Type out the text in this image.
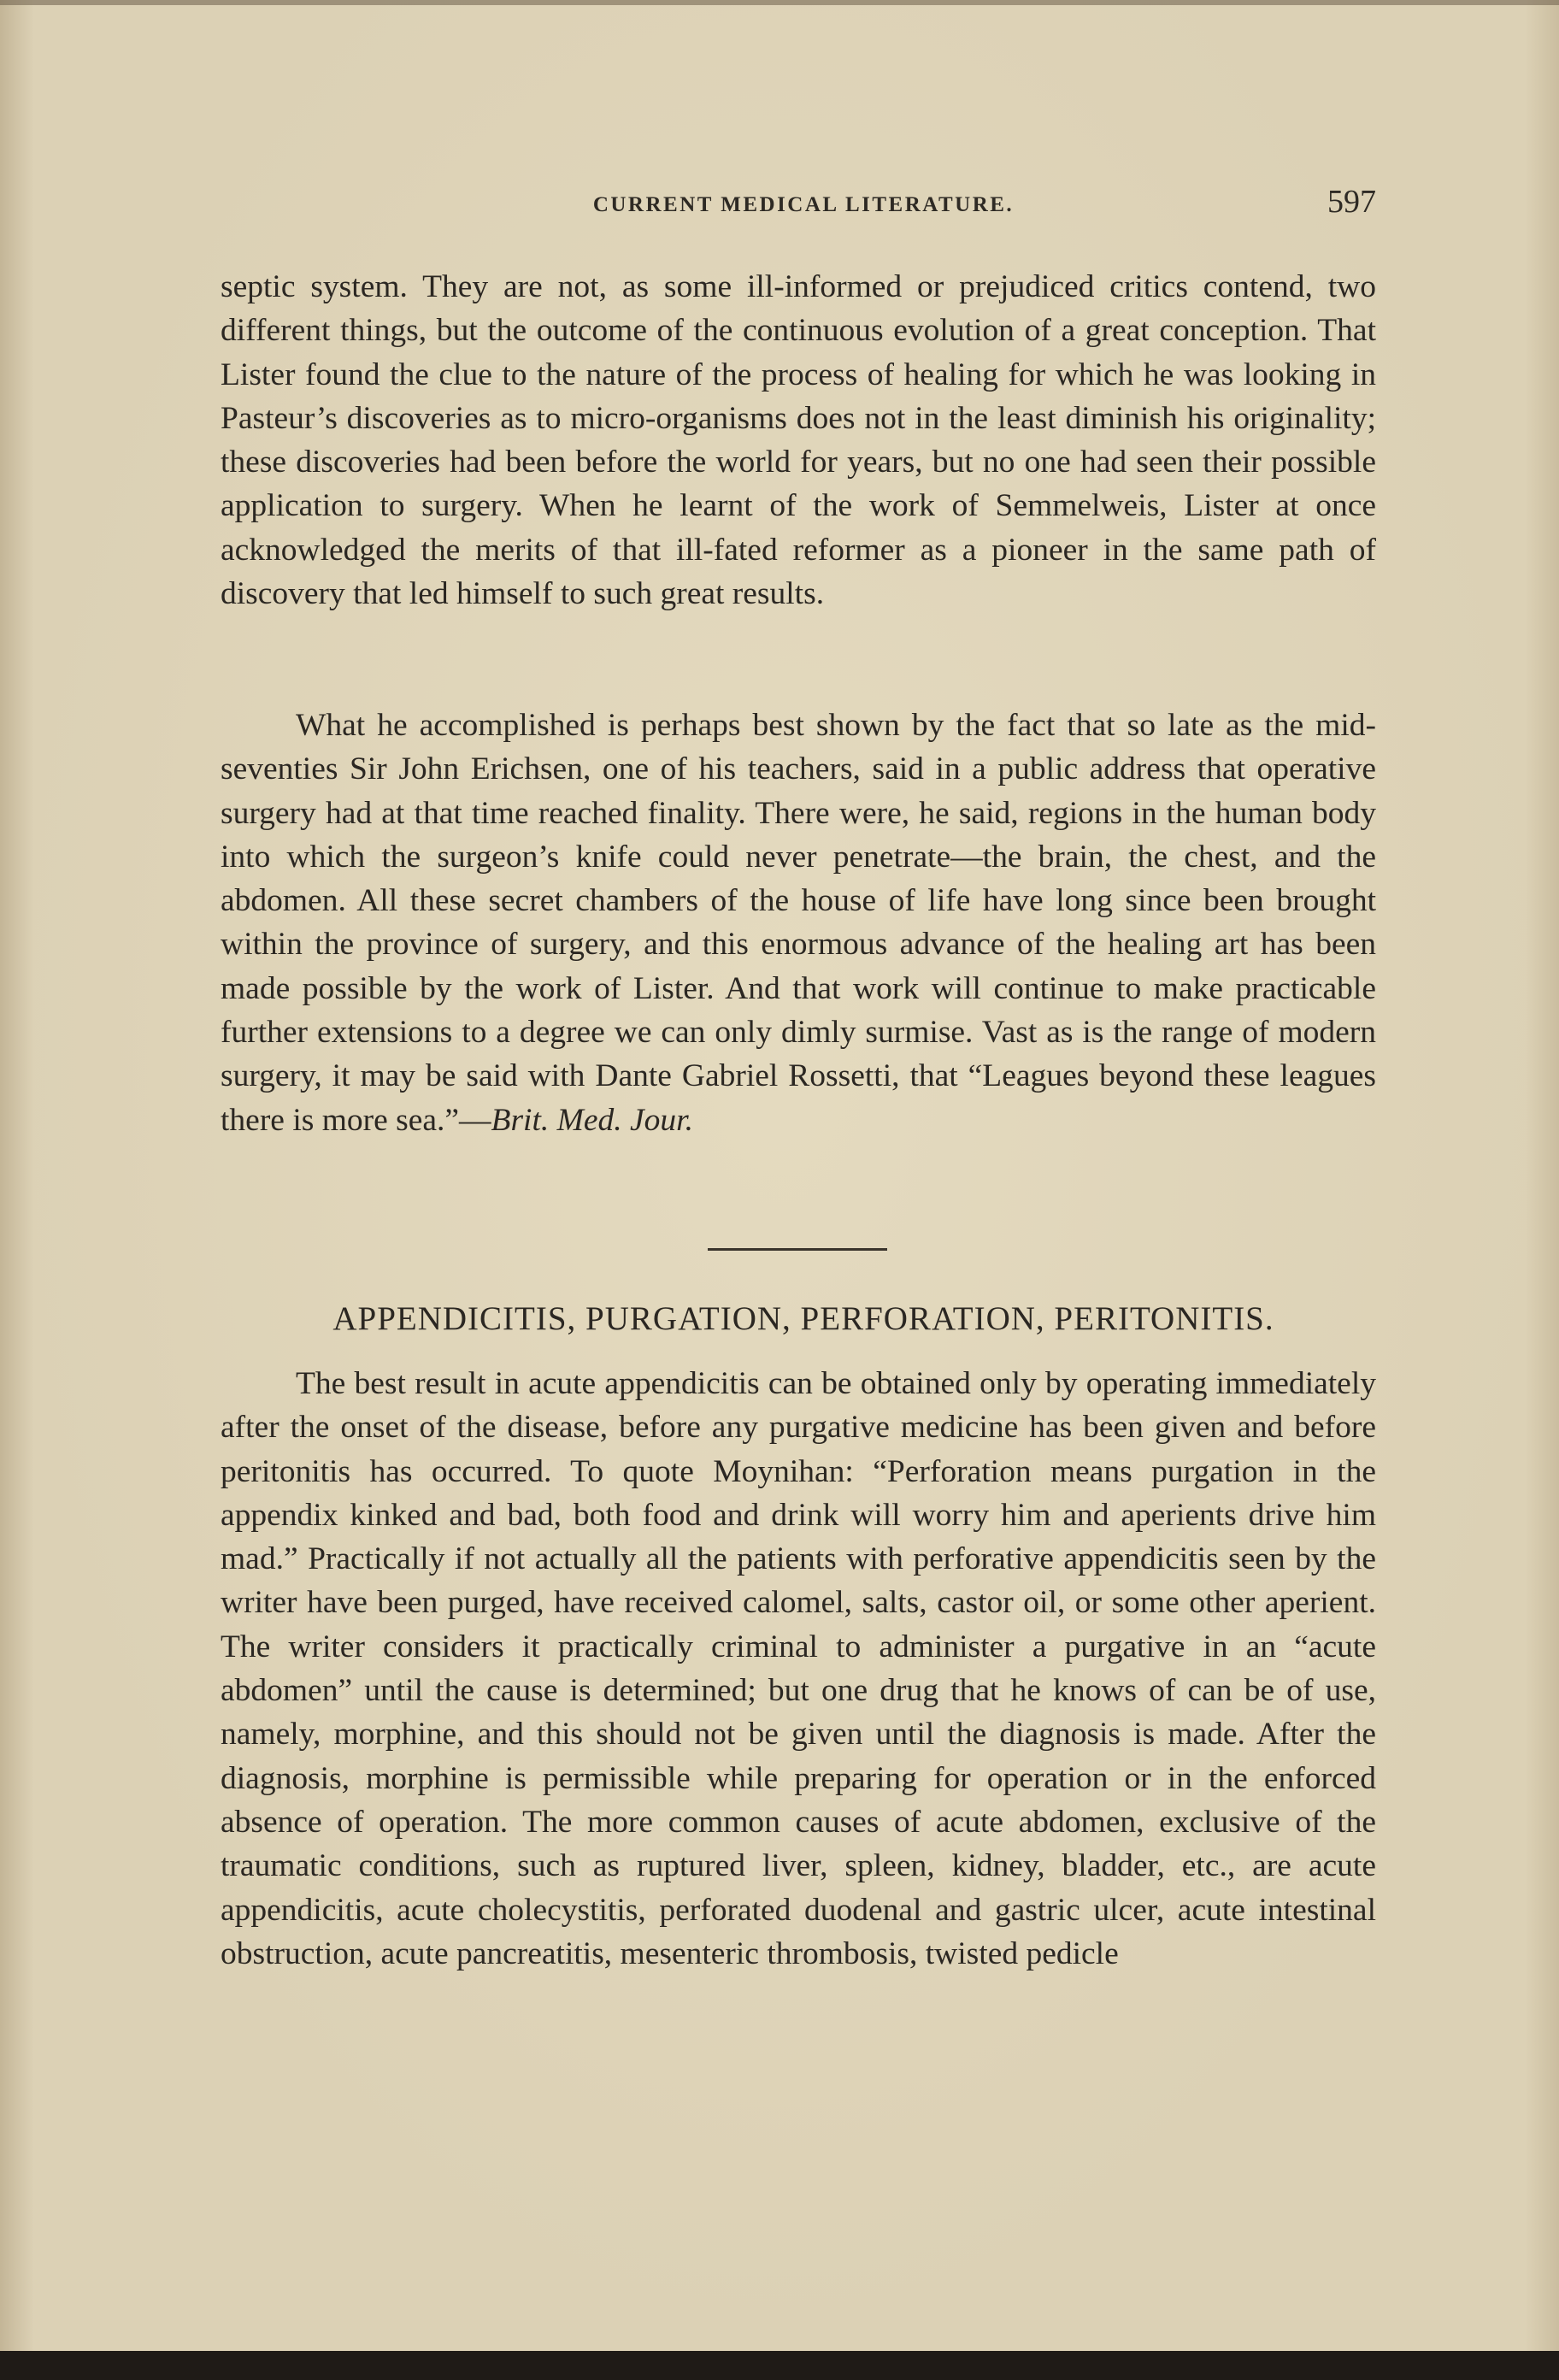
CURRENT MEDICAL LITERATURE.	597

septic system. They are not, as some ill-informed or prejudiced critics contend, two different things, but the outcome of the continuous evolution of a great conception. That Lister found the clue to the nature of the process of healing for which he was looking in Pasteur’s discoveries as to micro-organisms does not in the least diminish his originality; these discoveries had been before the world for years, but no one had seen their possible application to surgery. When he learnt of the work of Semmelweis, Lister at once acknowledged the merits of that ill-fated reformer as a pioneer in the same path of discovery that led himself to such great results.

What he accomplished is perhaps best shown by the fact that so late as the mid-seventies Sir John Erichsen, one of his teachers, said in a public address that operative surgery had at that time reached finality. There were, he said, regions in the human body into which the surgeon’s knife could never penetrate—the brain, the chest, and the abdomen. All these secret chambers of the house of life have long since been brought within the province of surgery, and this enormous advance of the healing art has been made possible by the work of Lister. And that work will continue to make practicable further extensions to a degree we can only dimly surmise. Vast as is the range of modern surgery, it may be said with Dante Gabriel Rossetti, that “Leagues beyond these leagues there is more sea.”—Brit. Med. Jour.

APPENDICITIS, PURGATION, PERFORATION, PERITONITIS.

The best result in acute appendicitis can be obtained only by operating immediately after the onset of the disease, before any purgative medicine has been given and before peritonitis has occurred. To quote Moynihan: “Perforation means purgation in the appendix kinked and bad, both food and drink will worry him and aperients drive him mad.” Practically if not actually all the patients with perforative appendicitis seen by the writer have been purged, have received calomel, salts, castor oil, or some other aperient. The writer considers it practically criminal to administer a purgative in an “acute abdomen” until the cause is determined; but one drug that he knows of can be of use, namely, morphine, and this should not be given until the diagnosis is made. After the diagnosis, morphine is permissible while preparing for operation or in the enforced absence of operation. The more common causes of acute abdomen, exclusive of the traumatic conditions, such as ruptured liver, spleen, kidney, bladder, etc., are acute appendicitis, acute cholecystitis, perforated duodenal and gastric ulcer, acute intestinal obstruction, acute pancreatitis, mesenteric thrombosis, twisted pedicle
